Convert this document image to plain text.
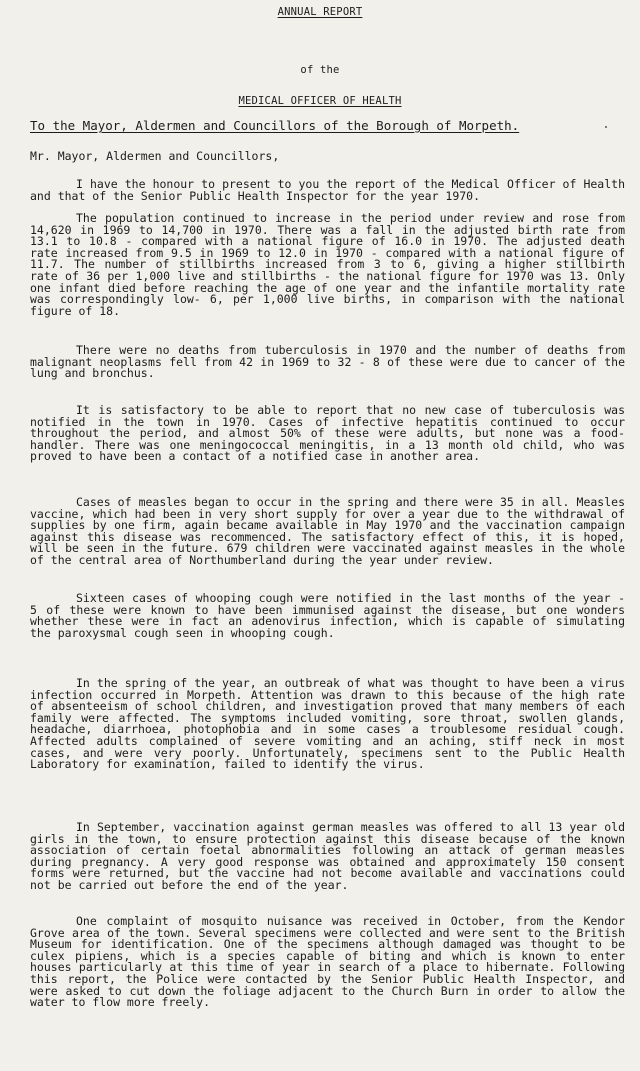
ANNUAL REPORT
of the
MEDICAL OFFICER OF HEALTH
To the Mayor, Aldermen and Councillors of the Borough of Morpeth.
Mr. Mayor, Aldermen and Councillors,

I have the honour to present to you the report of the Medical Officer of Health and that of the Senior Public Health Inspector for the year 1970.

The population continued to increase in the period under review and rose from 14,620 in 1969 to 14,700 in 1970. There was a fall in the adjusted birth rate from 13.1 to 10.8 - compared with a national figure of 16.0 in 1970. The adjusted death rate increased from 9.5 in 1969 to 12.0 in 1970 - compared with a national figure of 11.7. The number of stillbirths increased from 3 to 6, giving a higher stillbirth rate of 36 per 1,000 live and stillbirths - the national figure for 1970 was 13. Only one infant died before reaching the age of one year and the infantile mortality rate was correspondingly low- 6, per 1,000 live births, in comparison with the national figure of 18.

There were no deaths from tuberculosis in 1970 and the number of deaths from malignant neoplasms fell from 42 in 1969 to 32 - 8 of these were due to cancer of the lung and bronchus.

It is satisfactory to be able to report that no new case of tuberculosis was notified in the town in 1970. Cases of infective hepatitis continued to occur throughout the period, and almost 50% of these were adults, but none was a food-handler. There was one meningococcal meningitis, in a 13 month old child, who was proved to have been a contact of a notified case in another area.

Cases of measles began to occur in the spring and there were 35 in all. Measles vaccine, which had been in very short supply for over a year due to the withdrawal of supplies by one firm, again became available in May 1970 and the vaccination campaign against this disease was recommenced. The satisfactory effect of this, it is hoped, will be seen in the future. 679 children were vaccinated against measles in the whole of the central area of Northumberland during the year under review.

Sixteen cases of whooping cough were notified in the last months of the year - 5 of these were known to have been immunised against the disease, but one wonders whether these were in fact an adenovirus infection, which is capable of simulating the paroxysmal cough seen in whooping cough.

In the spring of the year, an outbreak of what was thought to have been a virus infection occurred in Morpeth. Attention was drawn to this because of the high rate of absenteeism of school children, and investigation proved that many members of each family were affected. The symptoms included vomiting, sore throat, swollen glands, headache, diarrhoea, photophobia and in some cases a troublesome residual cough. Affected adults complained of severe vomiting and an aching, stiff neck in most cases, and were very poorly. Unfortunately, specimens sent to the Public Health Laboratory for examination, failed to identify the virus.

In September, vaccination against german measles was offered to all 13 year old girls in the town, to ensure protection against this disease because of the known association of certain foetal abnormalities following an attack of german measles during pregnancy. A very good response was obtained and approximately 150 consent forms were returned, but the vaccine had not become available and vaccinations could not be carried out before the end of the year.

One complaint of mosquito nuisance was received in October, from the Kendor Grove area of the town. Several specimens were collected and were sent to the British Museum for identification. One of the specimens although damaged was thought to be culex pipiens, which is a species capable of biting and which is known to enter houses particularly at this time of year in search of a place to hibernate. Following this report, the Police were contacted by the Senior Public Health Inspector, and were asked to cut down the foliage adjacent to the Church Burn in order to allow the water to flow more freely.
